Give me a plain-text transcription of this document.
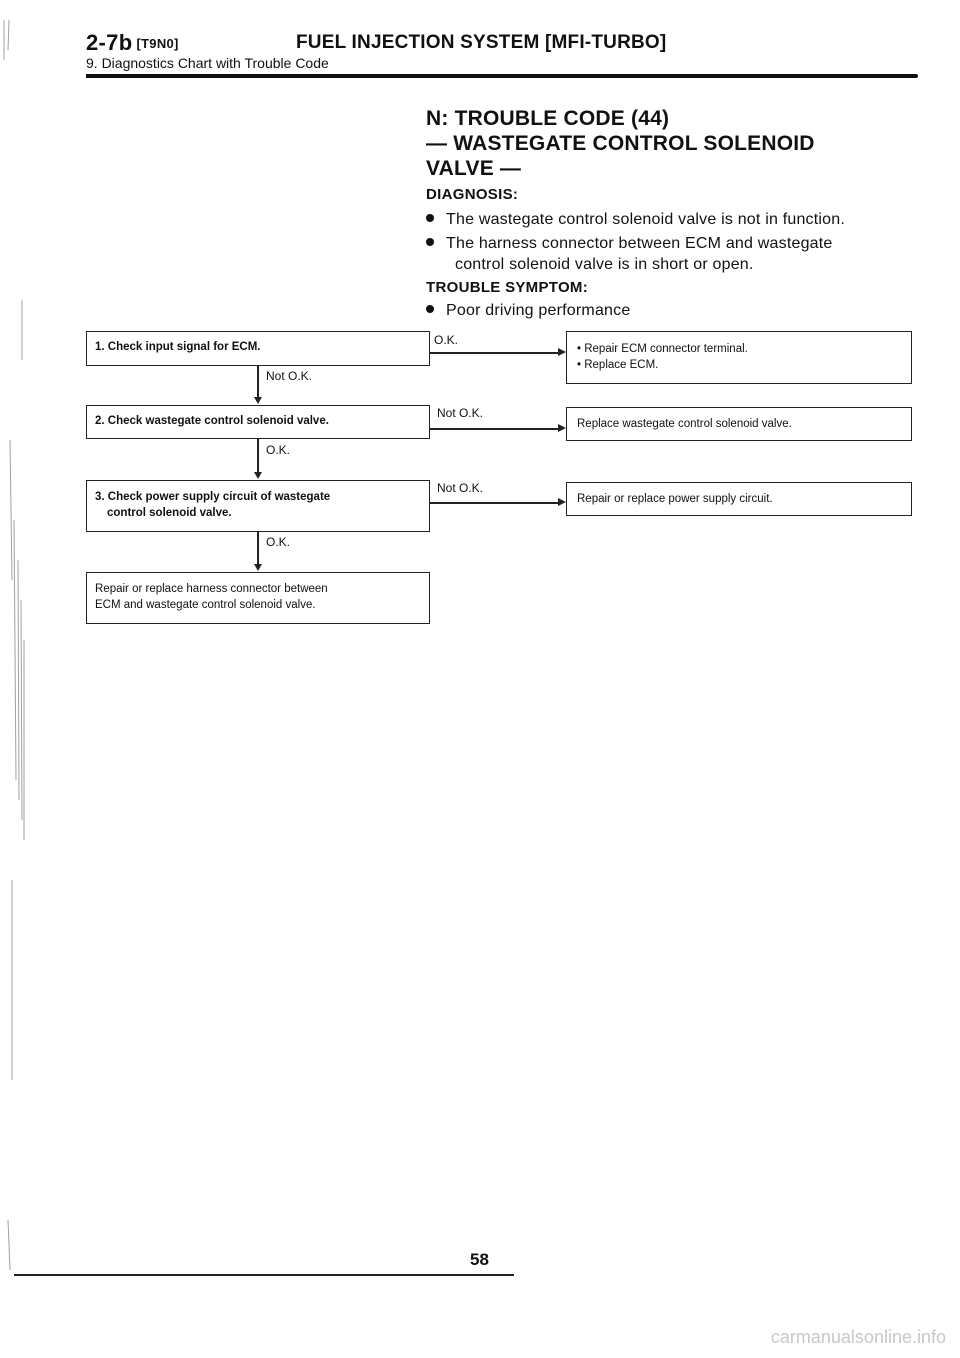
2-7b [T9N0]	FUEL INJECTION SYSTEM [MFI-TURBO]
9. Diagnostics Chart with Trouble Code
N: TROUBLE CODE (44)
— WASTEGATE CONTROL SOLENOID
VALVE —
DIAGNOSIS:
The wastegate control solenoid valve is not in function.
The harness connector between ECM and wastegate
control solenoid valve is in short or open.
TROUBLE SYMPTOM:
Poor driving performance
1. Check input signal for ECM.
Not O.K.
2. Check wastegate control solenoid valve.
O.K.
3. Check power supply circuit of wastegate
control solenoid valve.
O.K.
Repair or replace harness connector between
ECM and wastegate control solenoid valve.
O.K.
• Repair ECM connector terminal.
• Replace ECM.
Not O.K.
Replace wastegate control solenoid valve.
Not O.K.
Repair or replace power supply circuit.
58
carmanualsonline.info
